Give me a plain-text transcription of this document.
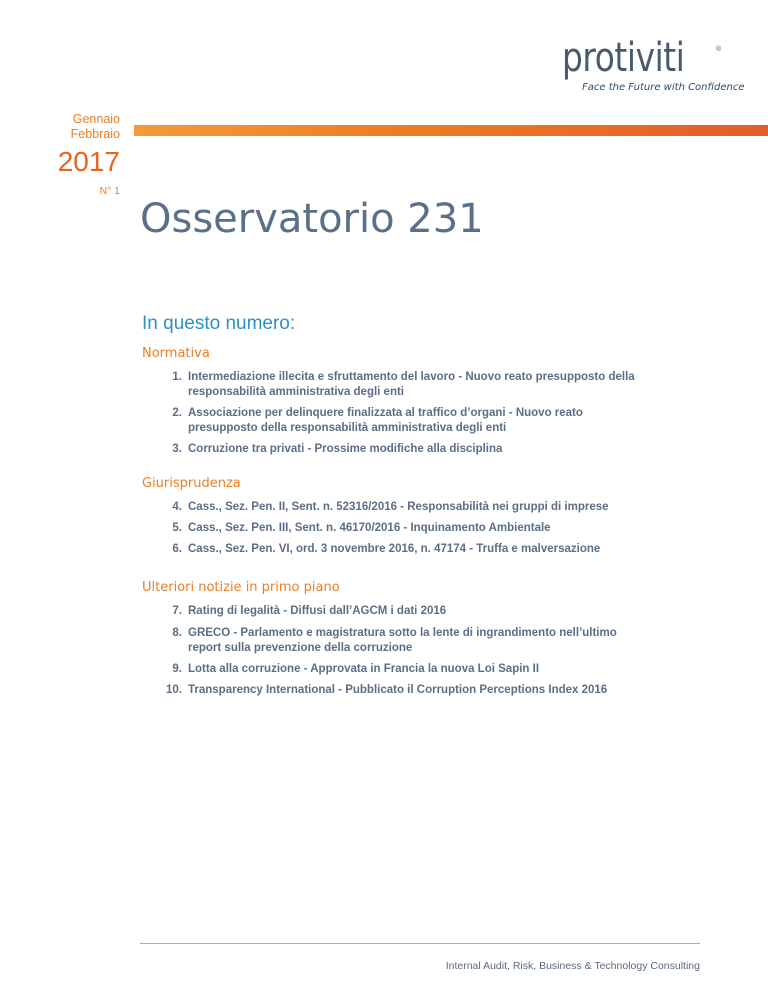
protiviti	®
Face the Future with Confidence
Gennaio
Febbraio
2017
N° 1
Osservatorio 231
In questo numero:
Normativa
1. Intermediazione illecita e sfruttamento del lavoro - Nuovo reato presupposto della
responsabilità amministrativa degli enti
2. Associazione per delinquere finalizzata al traffico d’organi - Nuovo reato
presupposto della responsabilità amministrativa degli enti
3. Corruzione tra privati - Prossime modifiche alla disciplina
Giurisprudenza
4. Cass., Sez. Pen. II, Sent. n. 52316/2016 - Responsabilità nei gruppi di imprese
5. Cass., Sez. Pen. III, Sent. n. 46170/2016 - Inquinamento Ambientale
6. Cass., Sez. Pen. VI, ord. 3 novembre 2016, n. 47174 - Truffa e malversazione
Ulteriori notizie in primo piano
7. Rating di legalità - Diffusi dall’AGCM i dati 2016
8. GRECO - Parlamento e magistratura sotto la lente di ingrandimento nell’ultimo
report sulla prevenzione della corruzione
9. Lotta alla corruzione - Approvata in Francia la nuova Loi Sapin II
10. Transparency International - Pubblicato il Corruption Perceptions Index 2016
Internal Audit, Risk, Business & Technology Consulting
